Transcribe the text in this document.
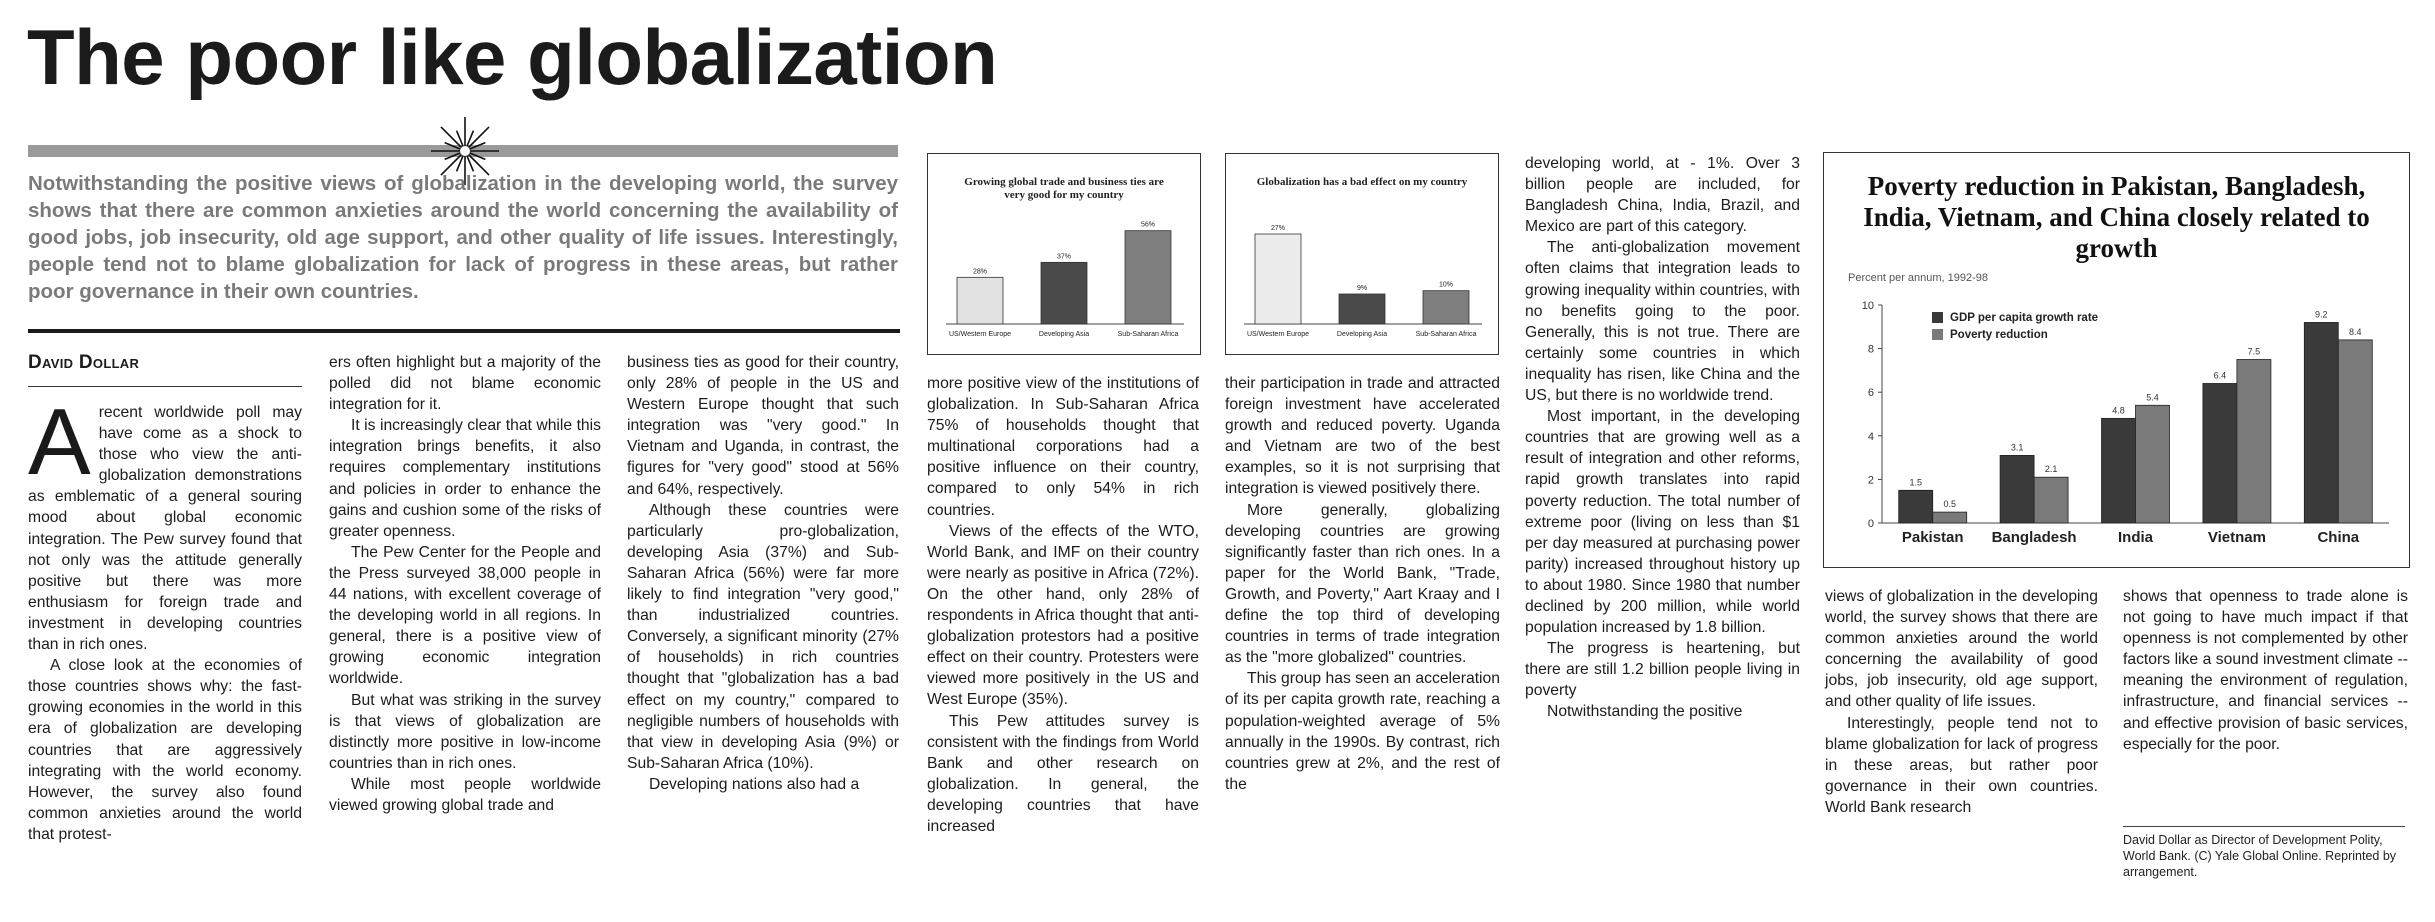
The poor like globalization

Notwithstanding the positive views of globalization in the developing world, the survey shows that there are common anxieties around the world concerning the availability of good jobs, job insecurity, old age support, and other quality of life issues. Interestingly, people tend not to blame globalization for lack of progress in these areas, but rather poor governance in their own countries.

David Dollar

Arecent worldwide poll may have come as a shock to those who view the anti-globalization demonstrations as emblematic of a general souring mood about global economic integration. The Pew survey found that not only was the attitude generally positive but there was more enthusiasm for foreign trade and investment in developing countries than in rich ones.

A close look at the economies of those countries shows why: the fast-growing economies in the world in this era of globalization are developing countries that are aggressively integrating with the world economy. However, the survey also found common anxieties around the world that protest-

ers often highlight but a majority of the polled did not blame economic integration for it.

It is increasingly clear that while this integration brings benefits, it also requires complementary institutions and policies in order to enhance the gains and cushion some of the risks of greater openness.

The Pew Center for the People and the Press surveyed 38,000 people in 44 nations, with excellent coverage of the developing world in all regions. In general, there is a positive view of growing economic integration worldwide.

But what was striking in the survey is that views of globalization are distinctly more positive in low-income countries than in rich ones.

While most people worldwide viewed growing global trade and

business ties as good for their country, only 28% of people in the US and Western Europe thought that such integration was "very good." In Vietnam and Uganda, in contrast, the figures for "very good" stood at 56% and 64%, respectively.

Although these countries were particularly pro-globalization, developing Asia (37%) and Sub-Saharan Africa (56%) were far more likely to find integration "very good," than industrialized countries. Conversely, a significant minority (27% of households) in rich countries thought that "globalization has a bad effect on my country," compared to negligible numbers of households with that view in developing Asia (9%) or Sub-Saharan Africa (10%).

Developing nations also had a

Growing global trade and business ties are very good for my country
28%
US/Western Europe
37%
Developing Asia
56%
Sub-Saharan Africa
Globalization has a bad effect on my country
27%
US/Western Europe
9%
Developing Asia
10%
Sub-Saharan Africa

more positive view of the institutions of globalization. In Sub-Saharan Africa 75% of households thought that multinational corporations had a positive influence on their country, compared to only 54% in rich countries.

Views of the effects of the WTO, World Bank, and IMF on their country were nearly as positive in Africa (72%). On the other hand, only 28% of respondents in Africa thought that anti-globalization protestors had a positive effect on their country. Protesters were viewed more positively in the US and West Europe (35%).

This Pew attitudes survey is consistent with the findings from World Bank and other research on globalization. In general, the developing countries that have increased

their participation in trade and attracted foreign investment have accelerated growth and reduced poverty. Uganda and Vietnam are two of the best examples, so it is not surprising that integration is viewed positively there.

More generally, globalizing developing countries are growing significantly faster than rich ones. In a paper for the World Bank, "Trade, Growth, and Poverty," Aart Kraay and I define the top third of developing countries in terms of trade integration as the "more globalized" countries.

This group has seen an acceleration of its per capita growth rate, reaching a population-weighted average of 5% annually in the 1990s. By contrast, rich countries grew at 2%, and the rest of the

developing world, at - 1%. Over 3 billion people are included, for Bangladesh China, India, Brazil, and Mexico are part of this category.

The anti-globalization movement often claims that integration leads to growing inequality within countries, with no benefits going to the poor. Generally, this is not true. There are certainly some countries in which inequality has risen, like China and the US, but there is no worldwide trend.

Most important, in the developing countries that are growing well as a result of integration and other reforms, rapid growth translates into rapid poverty reduction. The total number of extreme poor (living on less than $1 per day measured at purchasing power parity) increased throughout history up to about 1980. Since 1980 that number declined by 200 million, while world population increased by 1.8 billion.

The progress is heartening, but there are still 1.2 billion people living in poverty

Notwithstanding the positive

Poverty reduction in Pakistan, Bangladesh, India, Vietnam, and China closely related to growth
Percent per annum, 1992-98
0
2
4
6
8
10
GDP per capita growth rate
Poverty reduction
1.5
0.5
Pakistan
3.1
2.1
Bangladesh
4.8
5.4
India
6.4
7.5
Vietnam
9.2
8.4
China

views of globalization in the developing world, the survey shows that there are common anxieties around the world concerning the availability of good jobs, job insecurity, old age support, and other quality of life issues.

Interestingly, people tend not to blame globalization for lack of progress in these areas, but rather poor governance in their own countries. World Bank research

shows that openness to trade alone is not going to have much impact if that openness is not complemented by other factors like a sound investment climate -- meaning the environment of regulation, infrastructure, and financial services -- and effective provision of basic services, especially for the poor.

David Dollar as Director of Development Polity, World Bank. (C) Yale Global Online. Reprinted by arrangement.
